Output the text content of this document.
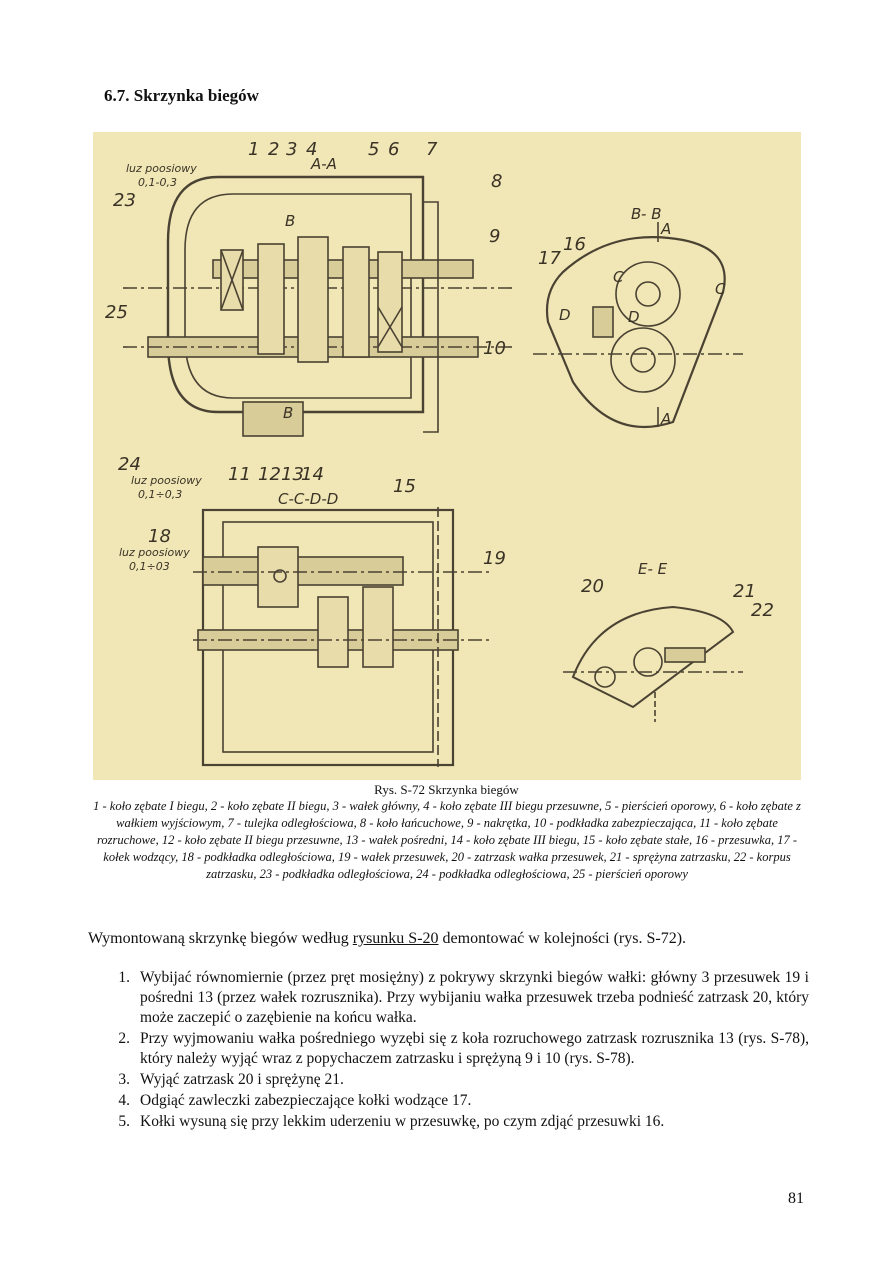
6.7. Skrzynka biegów
1 2 3 4	5 6 7
8
9
10
11 12 13
14
15
16
17
18
19
20	21
22
23
24
25
A-A
B- B
C-C-D-D
E- E
A
A
B
B
C
C
D	D
luz poosiowy
0,1-0,3
luz poosiowy
0,1÷0,3
luz poosiowy
0,1÷03
Rys. S-72 Skrzynka biegów
1 - koło zębate I biegu, 2 - koło zębate II biegu, 3 - wałek główny, 4 - koło zębate III biegu przesuwne, 5 - pierścień oporowy, 6 - koło zębate z wałkiem wyjściowym, 7 - tulejka odległościowa, 8 - koło łańcuchowe, 9 - nakrętka, 10 - podkładka zabezpieczająca, 11 - koło zębate rozruchowe, 12 - koło zębate II biegu przesuwne, 13 - wałek pośredni, 14 - koło zębate III biegu, 15 - koło zębate stałe, 16 - przesuwka, 17 - kołek wodzący, 18 - podkładka odległościowa, 19 - wałek przesuwek, 20 - zatrzask wałka przesuwek, 21 - sprężyna zatrzasku, 22 - korpus zatrzasku, 23 - podkładka odległościowa, 24 - podkładka odległościowa, 25 - pierścień oporowy
Wymontowaną skrzynkę biegów według rysunku S-20 demontować w kolejności (rys. S-72).
1. Wybijać równomiernie (przez pręt mosiężny) z pokrywy skrzynki biegów wałki: główny 3 przesuwek 19 i pośredni 13 (przez wałek rozrusznika). Przy wybijaniu wałka przesuwek trzeba podnieść zatrzask 20, który może zaczepić o zazębienie na końcu wałka.
2. Przy wyjmowaniu wałka pośredniego wyzębi się z koła rozruchowego zatrzask rozrusznika 13 (rys. S-78), który należy wyjąć wraz z popychaczem zatrzasku i sprężyną 9 i 10 (rys. S-78).
3. Wyjąć zatrzask 20 i sprężynę 21.
4. Odgiąć zawleczki zabezpieczające kołki wodzące 17.
5. Kołki wysuną się przy lekkim uderzeniu w przesuwkę, po czym zdjąć przesuwki 16.
81
